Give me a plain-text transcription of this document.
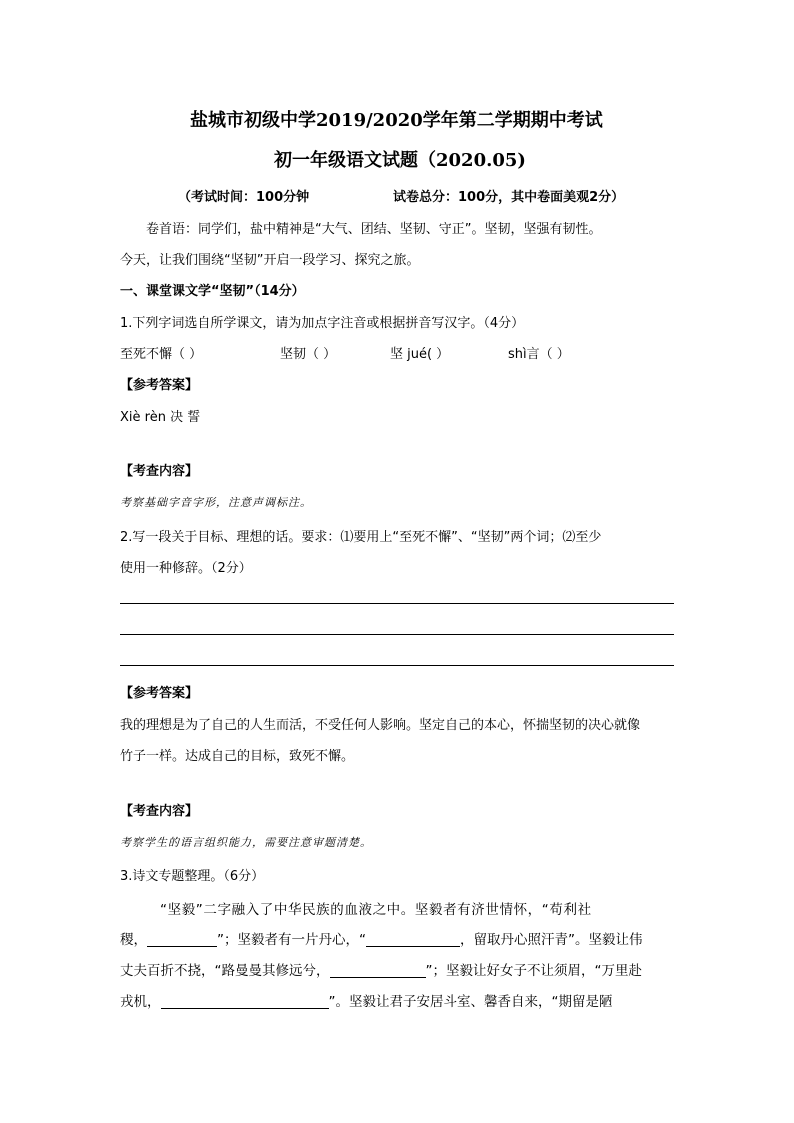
盐城市初级中学2019/2020学年第二学期期中考试
初一年级语文试题（2020.05)
（考试时间：100分钟	试卷总分：100分，其中卷面美观2分）
卷首语：同学们，盐中精神是“大气、团结、坚韧、守正”。坚韧，坚强有韧性。
今天，让我们围绕“坚韧”开启一段学习、探究之旅。
一、课堂课文学“坚韧”（14分）
1.下列字词选自所学课文，请为加点字注音或根据拼音写汉字。（4分）
至死不懈（ ）	坚韧（ ）	坚 jué( ）	shì言（ ）
【参考答案】
Xiè rèn 决 誓
【考查内容】
考察基础字音字形，注意声调标注。
2.写一段关于目标、理想的话。要求：⑴要用上“至死不懈”、“坚韧”两个词；⑵至少
使用一种修辞。（2分）
【参考答案】
我的理想是为了自己的人生而活，不受任何人影响。坚定自己的本心，怀揣坚韧的决心就像
竹子一样。达成自己的目标，致死不懈。
【考查内容】
考察学生的语言组织能力，需要注意审题清楚。
3.诗文专题整理。（6分）
“坚毅”二字融入了中华民族的血液之中。坚毅者有济世情怀，“苟利社
稷，	”；坚毅者有一片丹心，“	，留取丹心照汗青”。坚毅让伟
丈夫百折不挠，“路曼曼其修远兮，	”；坚毅让好女子不让须眉，“万里赴
戎机，	”。坚毅让君子安居斗室、馨香自来，“期留是陋
